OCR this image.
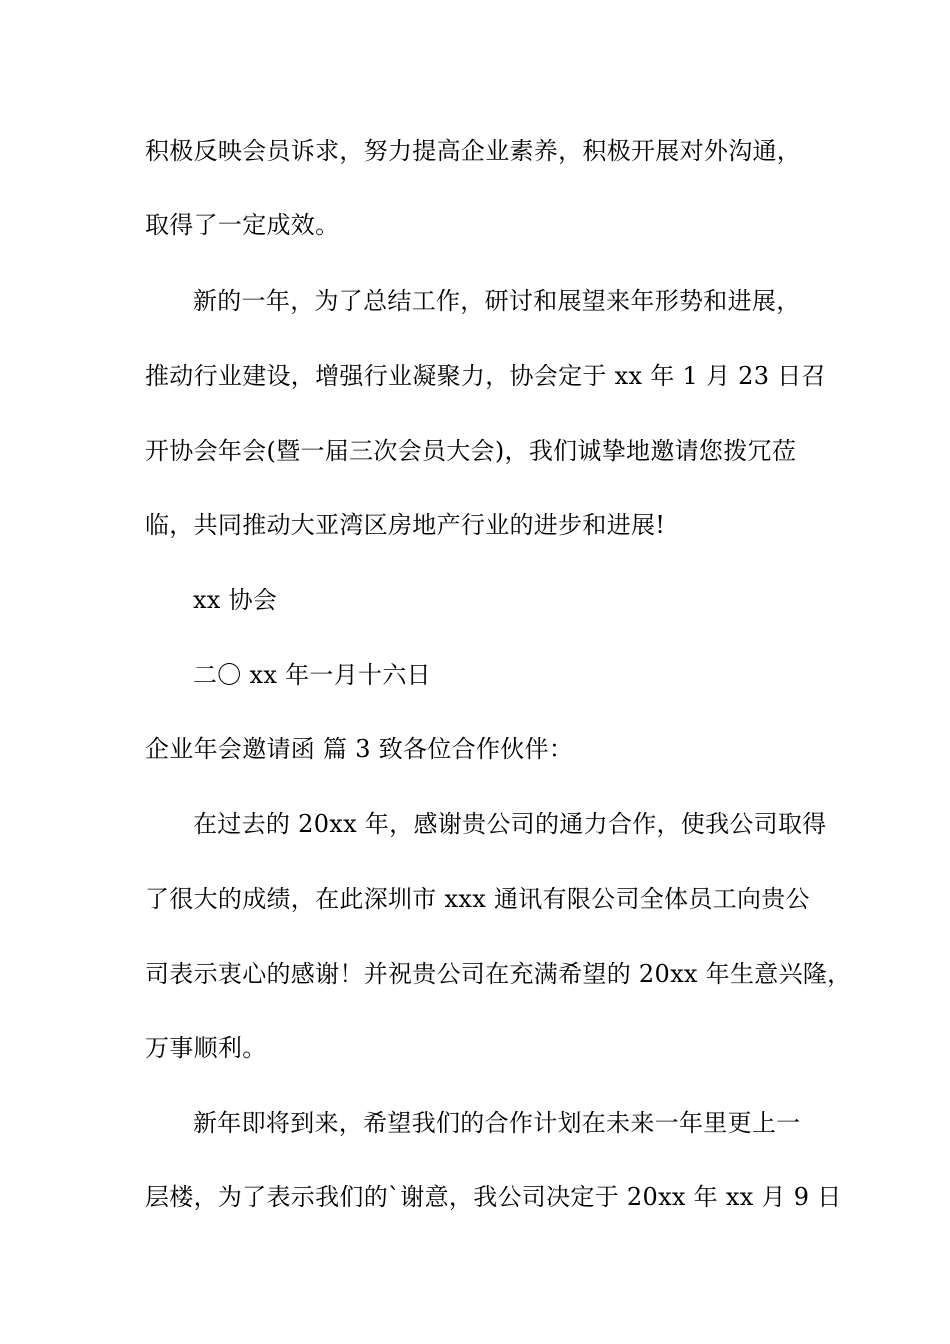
积极反映会员诉求，努力提高企业素养，积极开展对外沟通，
取得了一定成效。
新的一年，为了总结工作，研讨和展望来年形势和进展，
推动行业建设，增强行业凝聚力，协会定于 xx 年 1 月 23 日召
开协会年会(暨一届三次会员大会)，我们诚挚地邀请您拨冗莅
临，共同推动大亚湾区房地产行业的进步和进展!
xx 协会
二〇 xx 年一月十六日
企业年会邀请函 篇 3 致各位合作伙伴：
在过去的 20xx 年，感谢贵公司的通力合作，使我公司取得
了很大的成绩，在此深圳市 xxx 通讯有限公司全体员工向贵公
司表示衷心的感谢！并祝贵公司在充满希望的 20xx 年生意兴隆，
万事顺利。
新年即将到来，希望我们的合作计划在未来一年里更上一
层楼，为了表示我们的`谢意，我公司决定于 20xx 年 xx 月 9 日
